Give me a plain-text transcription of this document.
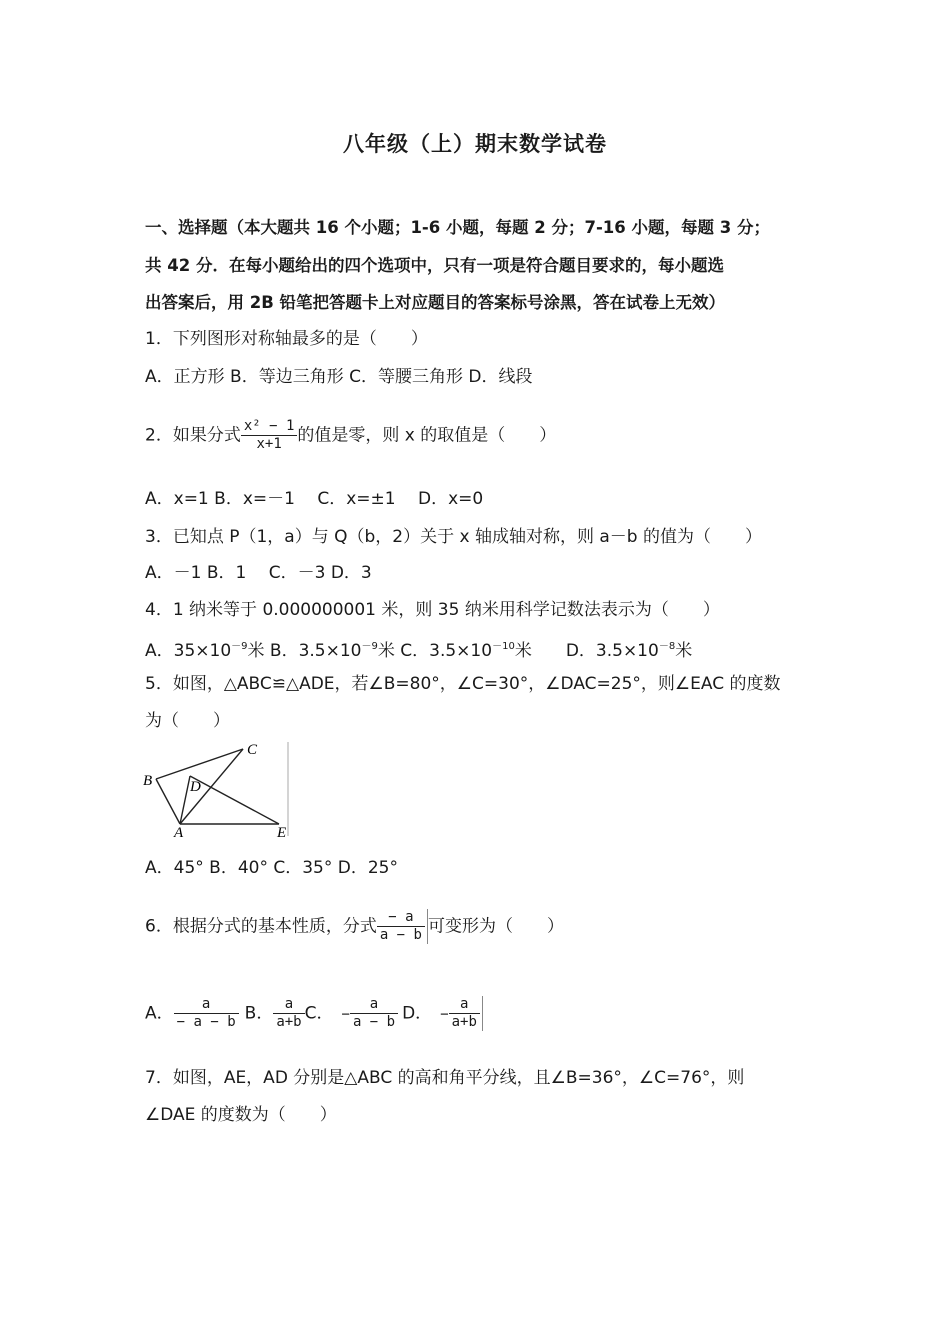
八年级（上）期末数学试卷
一、选择题（本大题共 16 个小题；1-6 小题，每题 2 分；7-16 小题，每题 3 分；
共 42 分．在每小题给出的四个选项中，只有一项是符合题目要求的，每小题选
出答案后，用 2B 铅笔把答题卡上对应题目的答案标号涂黑，答在试卷上无效）
1．下列图形对称轴最多的是（　　）
A．正方形 B．等边三角形 C．等腰三角形 D．线段
2．如果分式 $\frac{\text{x² − 1}}{x+1}$ 的值是零，则 x 的取值是（　　）
A．x=1 B．x=－1　 C．x=±1　 D．x=0
3．已知点 P（1，a）与 Q（b，2）关于 x 轴成轴对称，则 a－b 的值为（　　）
A．－1 B．1　 C．－3 D．3
4．1 纳米等于 0.000000001 米，则 35 纳米用科学记数法表示为（　　）
A．$35\times 10^{-9}$米 B．$3.5\times 10^{-9}$米 C．$3.5\times 10^{-10}$米　　D．$3.5\times 10^{-8}$米
5．如图，△ABC≌△ADE，若∠B=80°，∠C=30°，∠DAC=25°，则∠EAC 的度数
为（　　）
B
C
D
A	E
A．45° B．40° C．35° D．25°
6．根据分式的基本性质，分式 $\frac{- a}{a - b}$ 可变形为（　　）
A． $\frac{a}{- a - b}$ B． $\frac{a}{a+b}$ C． − $\frac{a}{a - b}$ D． − $\frac{a}{a+b}$
7．如图，AE，AD 分别是△ABC 的高和角平分线，且∠B=36°，∠C=76°，则
∠DAE 的度数为（　　）
